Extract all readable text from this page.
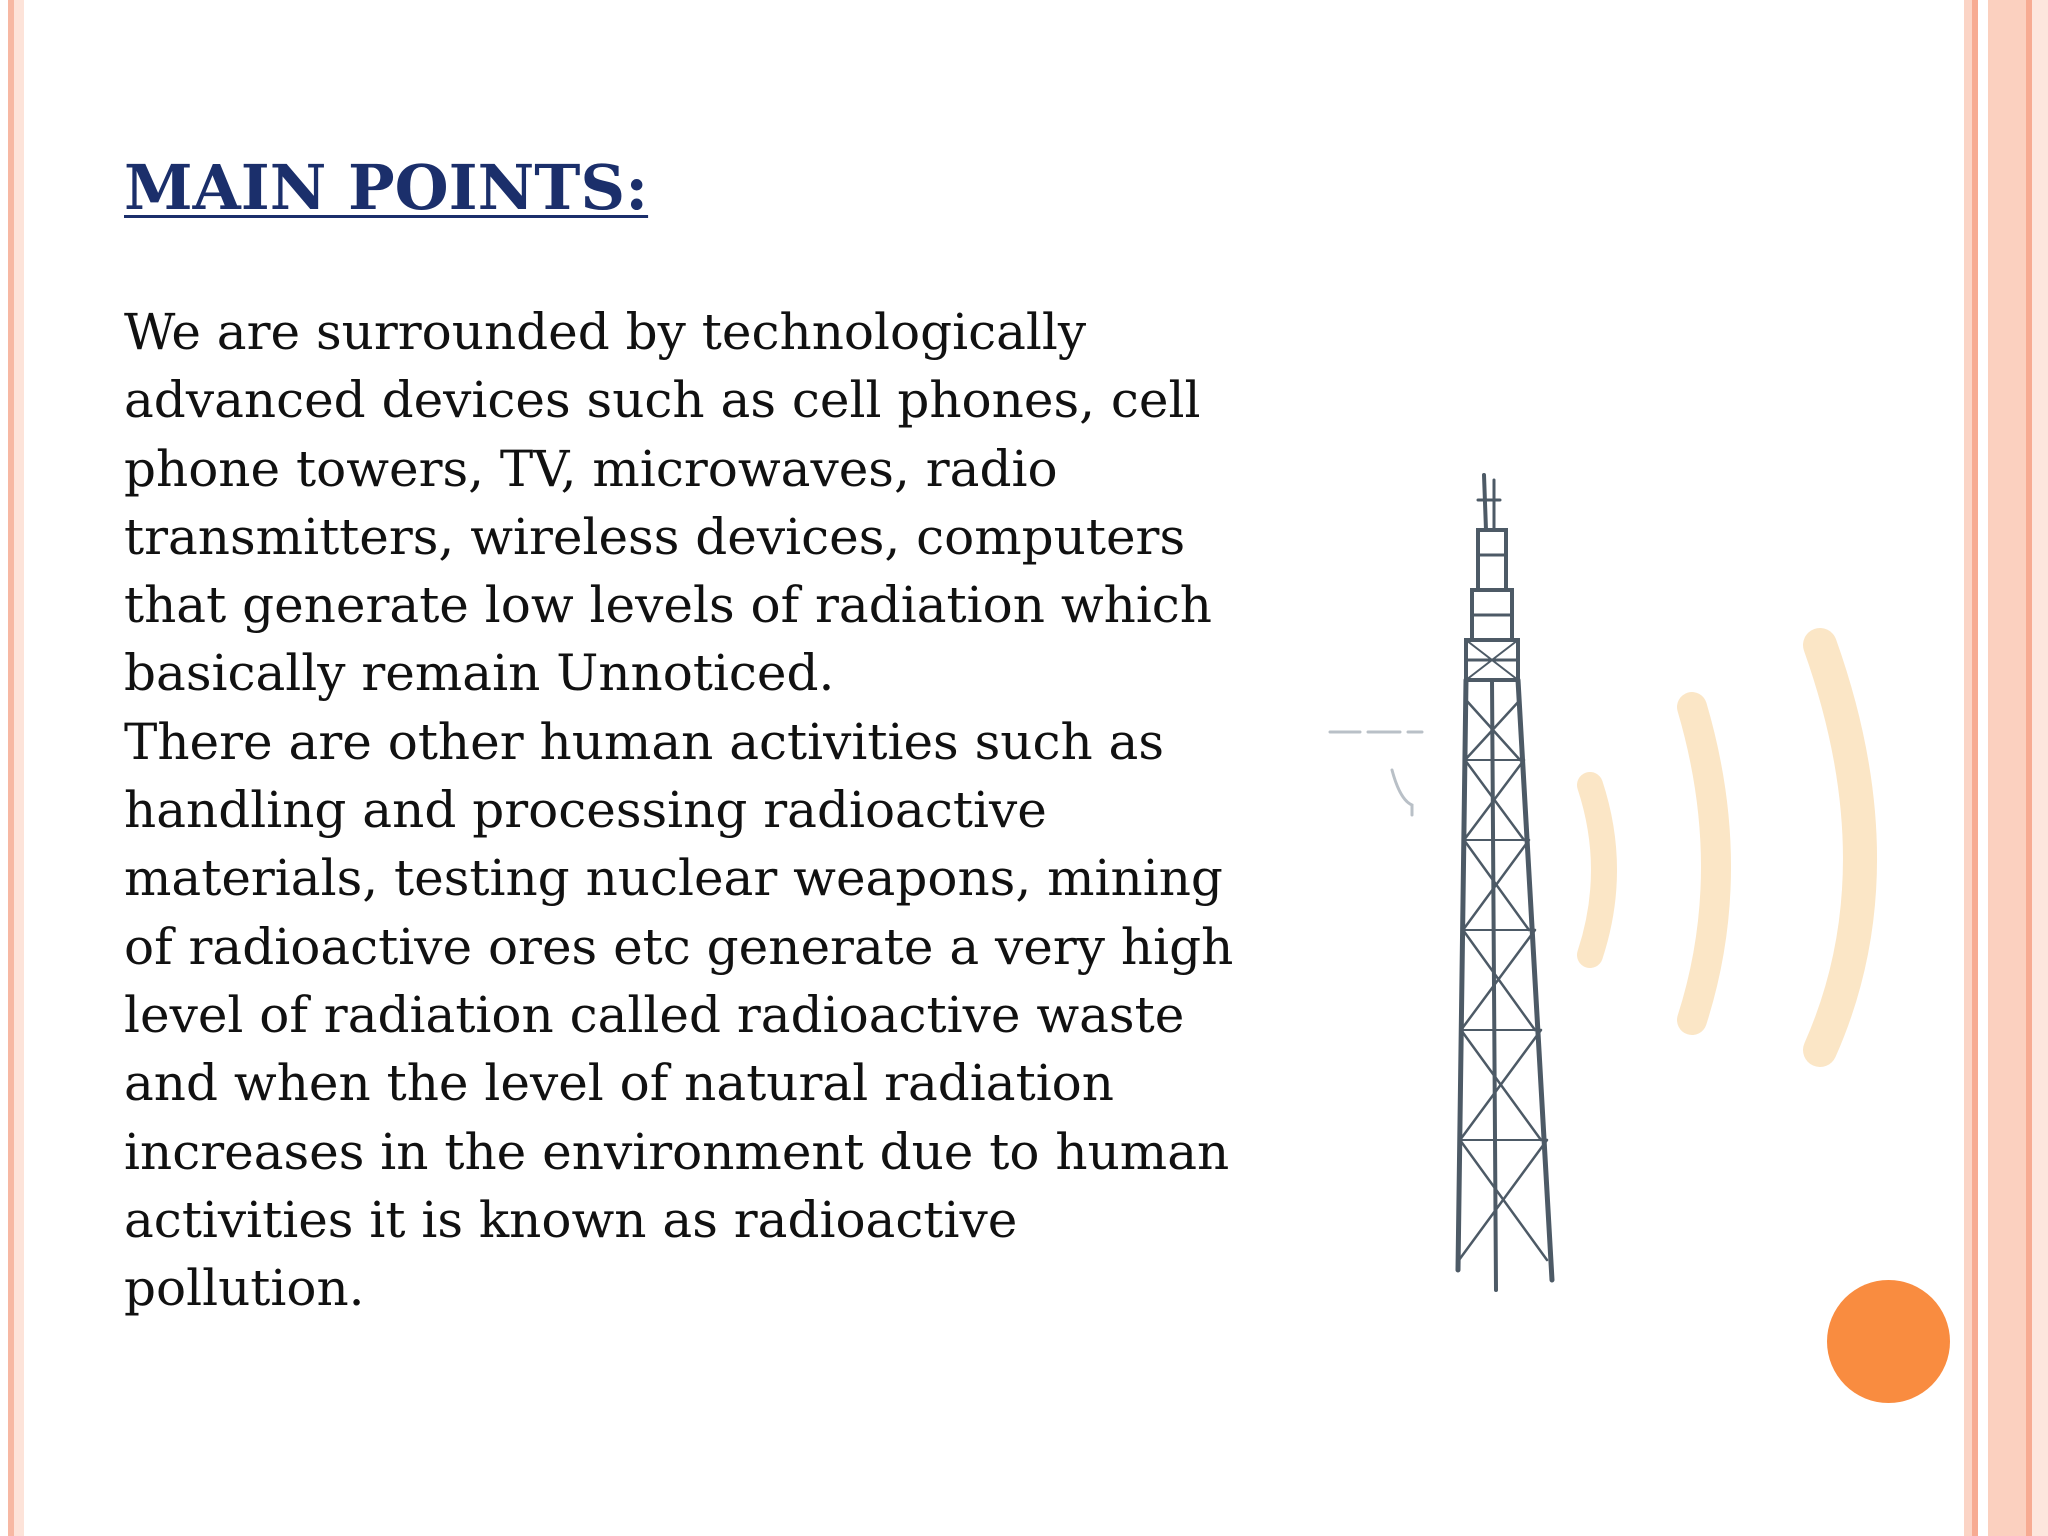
MAIN POINTS:

We are surrounded by technologically
advanced devices such as cell phones, cell
phone towers, TV, microwaves, radio
transmitters, wireless devices, computers
that generate low levels of radiation which
basically remain Unnoticed.
There are other human activities such as
handling and processing radioactive
materials, testing nuclear weapons, mining
of radioactive ores etc generate a very high
level of radiation called radioactive waste
and when the level of natural radiation
increases in the environment due to human
activities it is known as radioactive
pollution.
